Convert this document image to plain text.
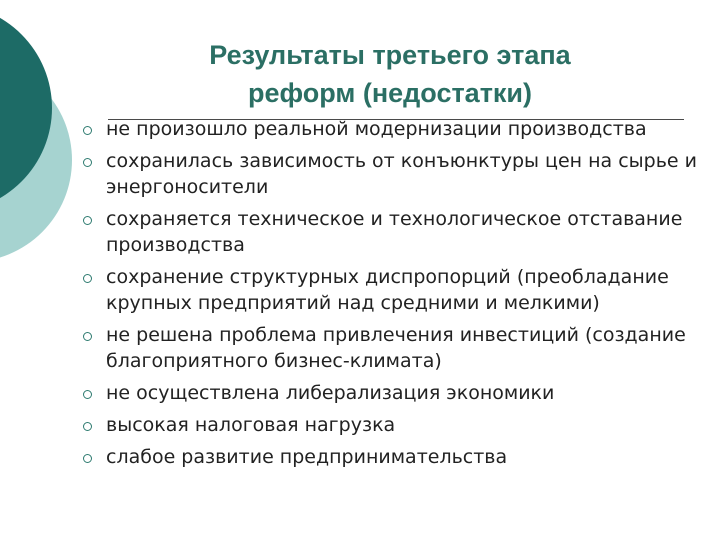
Результаты третьего этапа
реформ (недостатки)
не произошло реальной модернизации производства
сохранилась зависимость от конъюнктуры цен на сырье и энергоносители
сохраняется техническое и технологическое отставание производства
сохранение структурных диспропорций (преобладание крупных предприятий над средними и мелкими)
не решена проблема привлечения инвестиций (создание благоприятного бизнес-климата)
не осуществлена либерализация экономики
высокая налоговая нагрузка
слабое развитие предпринимательства
